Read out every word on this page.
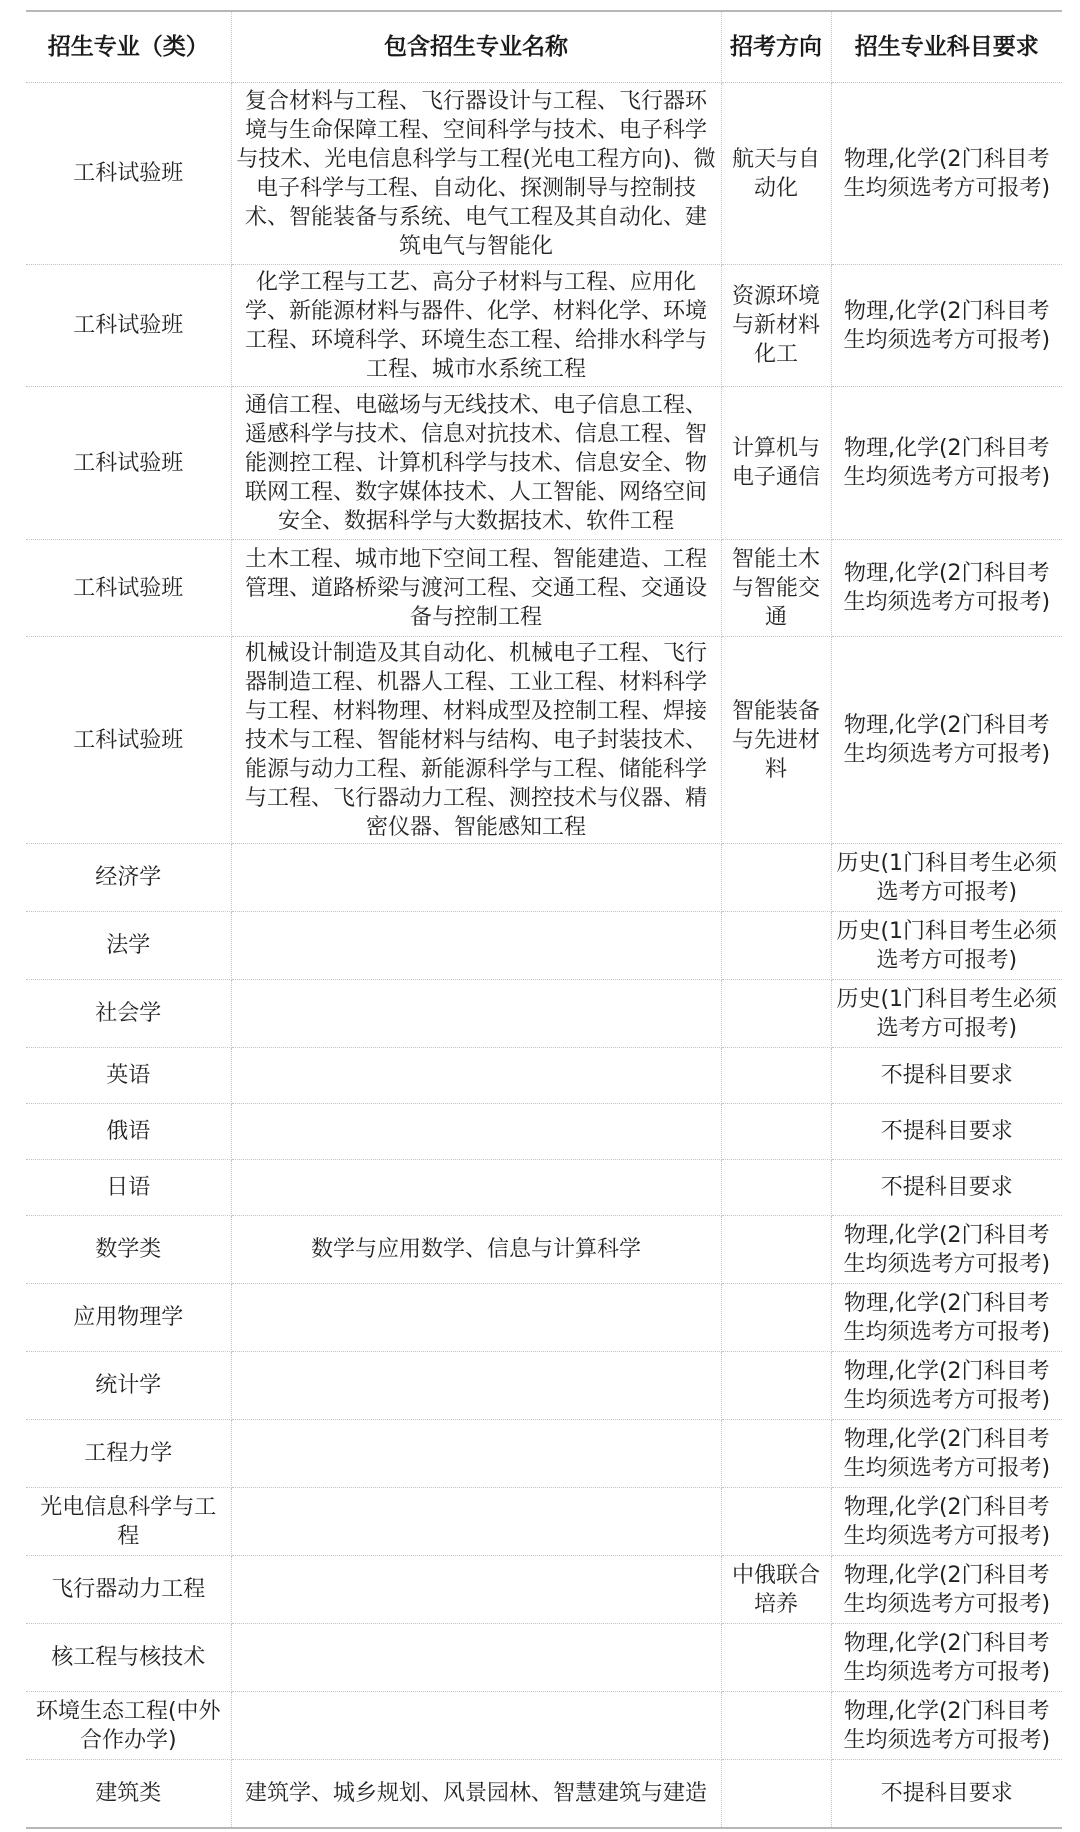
招生专业（类）	包含招生专业名称	招考方向	招生专业科目要求
工科试验班	复合材料与工程、飞行器设计与工程、飞行器环境与生命保障工程、空间科学与技术、电子科学与技术、光电信息科学与工程(光电工程方向)、微电子科学与工程、自动化、探测制导与控制技术、智能装备与系统、电气工程及其自动化、建筑电气与智能化	航天与自动化	物理,化学(2门科目考生均须选考方可报考)
工科试验班	化学工程与工艺、高分子材料与工程、应用化学、新能源材料与器件、化学、材料化学、环境工程、环境科学、环境生态工程、给排水科学与工程、城市水系统工程	资源环境与新材料化工	物理,化学(2门科目考生均须选考方可报考)
工科试验班	通信工程、电磁场与无线技术、电子信息工程、遥感科学与技术、信息对抗技术、信息工程、智能测控工程、计算机科学与技术、信息安全、物联网工程、数字媒体技术、人工智能、网络空间安全、数据科学与大数据技术、软件工程	计算机与电子通信	物理,化学(2门科目考生均须选考方可报考)
工科试验班	土木工程、城市地下空间工程、智能建造、工程管理、道路桥梁与渡河工程、交通工程、交通设备与控制工程	智能土木与智能交通	物理,化学(2门科目考生均须选考方可报考)
工科试验班	机械设计制造及其自动化、机械电子工程、飞行器制造工程、机器人工程、工业工程、材料科学与工程、材料物理、材料成型及控制工程、焊接技术与工程、智能材料与结构、电子封装技术、能源与动力工程、新能源科学与工程、储能科学与工程、飞行器动力工程、测控技术与仪器、精密仪器、智能感知工程	智能装备与先进材料	物理,化学(2门科目考生均须选考方可报考)
经济学			历史(1门科目考生必须选考方可报考)
法学			历史(1门科目考生必须选考方可报考)
社会学			历史(1门科目考生必须选考方可报考)
英语			不提科目要求
俄语			不提科目要求
日语			不提科目要求
数学类	数学与应用数学、信息与计算科学		物理,化学(2门科目考生均须选考方可报考)
应用物理学			物理,化学(2门科目考生均须选考方可报考)
统计学			物理,化学(2门科目考生均须选考方可报考)
工程力学			物理,化学(2门科目考生均须选考方可报考)
光电信息科学与工程			物理,化学(2门科目考生均须选考方可报考)
飞行器动力工程		中俄联合培养	物理,化学(2门科目考生均须选考方可报考)
核工程与核技术			物理,化学(2门科目考生均须选考方可报考)
环境生态工程(中外合作办学)			物理,化学(2门科目考生均须选考方可报考)
建筑类	建筑学、城乡规划、风景园林、智慧建筑与建造		不提科目要求
